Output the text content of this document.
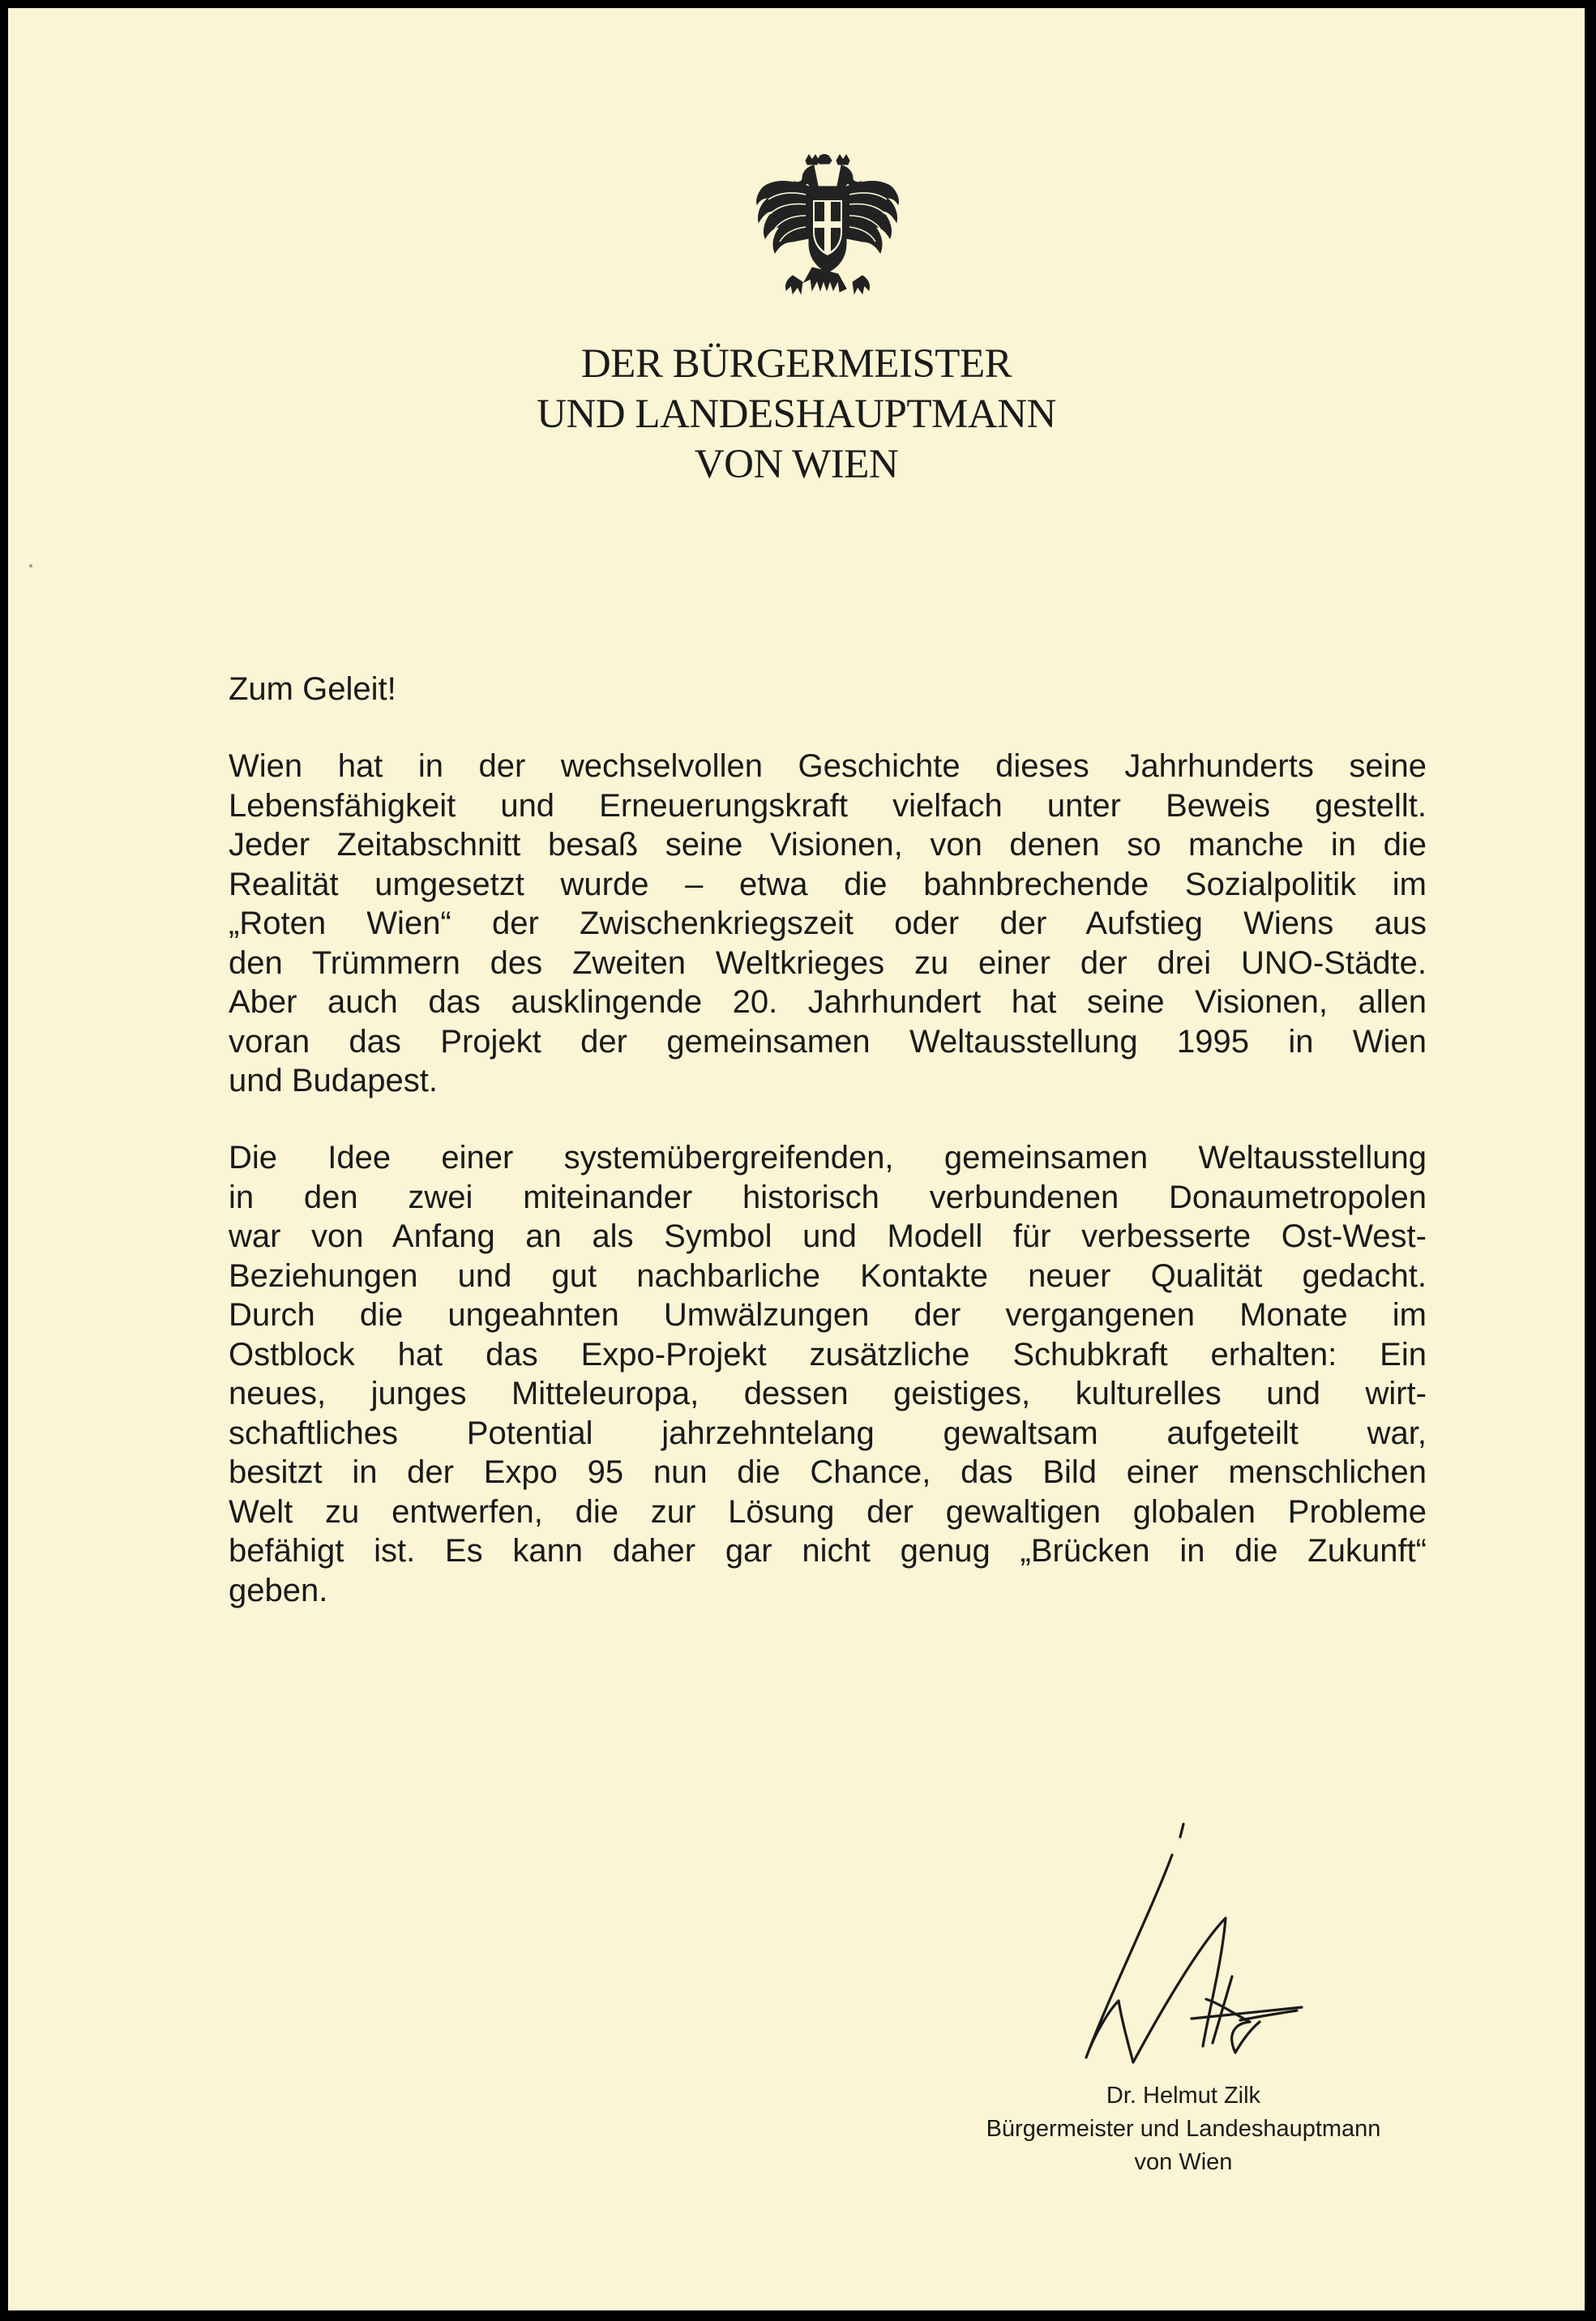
DER BÜRGERMEISTER
UND LANDESHAUPTMANN
VON WIEN
Zum Geleit!
Wien hat in der wechselvollen Geschichte dieses Jahrhunderts seine
Lebensfähigkeit und Erneuerungskraft vielfach unter Beweis gestellt.
Jeder Zeitabschnitt besaß seine Visionen, von denen so manche in die
Realität umgesetzt wurde – etwa die bahnbrechende Sozialpolitik im
„Roten Wien“ der Zwischenkriegszeit oder der Aufstieg Wiens aus
den Trümmern des Zweiten Weltkrieges zu einer der drei UNO-Städte.
Aber auch das ausklingende 20. Jahrhundert hat seine Visionen, allen
voran das Projekt der gemeinsamen Weltausstellung 1995 in Wien
und Budapest.
Die Idee einer systemübergreifenden, gemeinsamen Weltausstellung
in den zwei miteinander historisch verbundenen Donaumetropolen
war von Anfang an als Symbol und Modell für verbesserte Ost-West-
Beziehungen und gut nachbarliche Kontakte neuer Qualität gedacht.
Durch die ungeahnten Umwälzungen der vergangenen Monate im
Ostblock hat das Expo-Projekt zusätzliche Schubkraft erhalten: Ein
neues, junges Mitteleuropa, dessen geistiges, kulturelles und wirt-
schaftliches Potential jahrzehntelang gewaltsam aufgeteilt war,
besitzt in der Expo 95 nun die Chance, das Bild einer menschlichen
Welt zu entwerfen, die zur Lösung der gewaltigen globalen Probleme
befähigt ist. Es kann daher gar nicht genug „Brücken in die Zukunft“
geben.
Dr. Helmut Zilk
Bürgermeister und Landeshauptmann
von Wien
